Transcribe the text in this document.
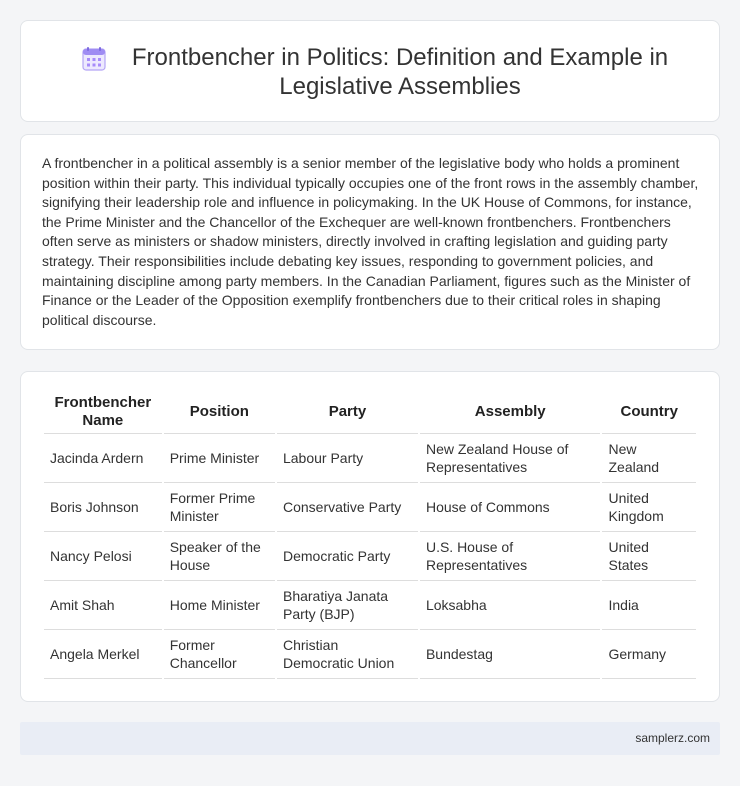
Frontbencher in Politics: Definition and Example in Legislative Assemblies

A frontbencher in a political assembly is a senior member of the legislative body who holds a prominent position within their party. This individual typically occupies one of the front rows in the assembly chamber, signifying their leadership role and influence in policymaking. In the UK House of Commons, for instance, the Prime Minister and the Chancellor of the Exchequer are well-known frontbenchers. Frontbenchers often serve as ministers or shadow ministers, directly involved in crafting legislation and guiding party strategy. Their responsibilities include debating key issues, responding to government policies, and maintaining discipline among party members. In the Canadian Parliament, figures such as the Minister of Finance or the Leader of the Opposition exemplify frontbenchers due to their critical roles in shaping political discourse.

Frontbencher Name	Position	Party	Assembly	Country
Jacinda Ardern	Prime Minister	Labour Party	New Zealand House of Representatives	New Zealand
Boris Johnson	Former Prime Minister	Conservative Party	House of Commons	United Kingdom
Nancy Pelosi	Speaker of the House	Democratic Party	U.S. House of Representatives	United States
Amit Shah	Home Minister	Bharatiya Janata Party (BJP)	Loksabha	India
Angela Merkel	Former Chancellor	Christian Democratic Union	Bundestag	Germany
samplerz.com
